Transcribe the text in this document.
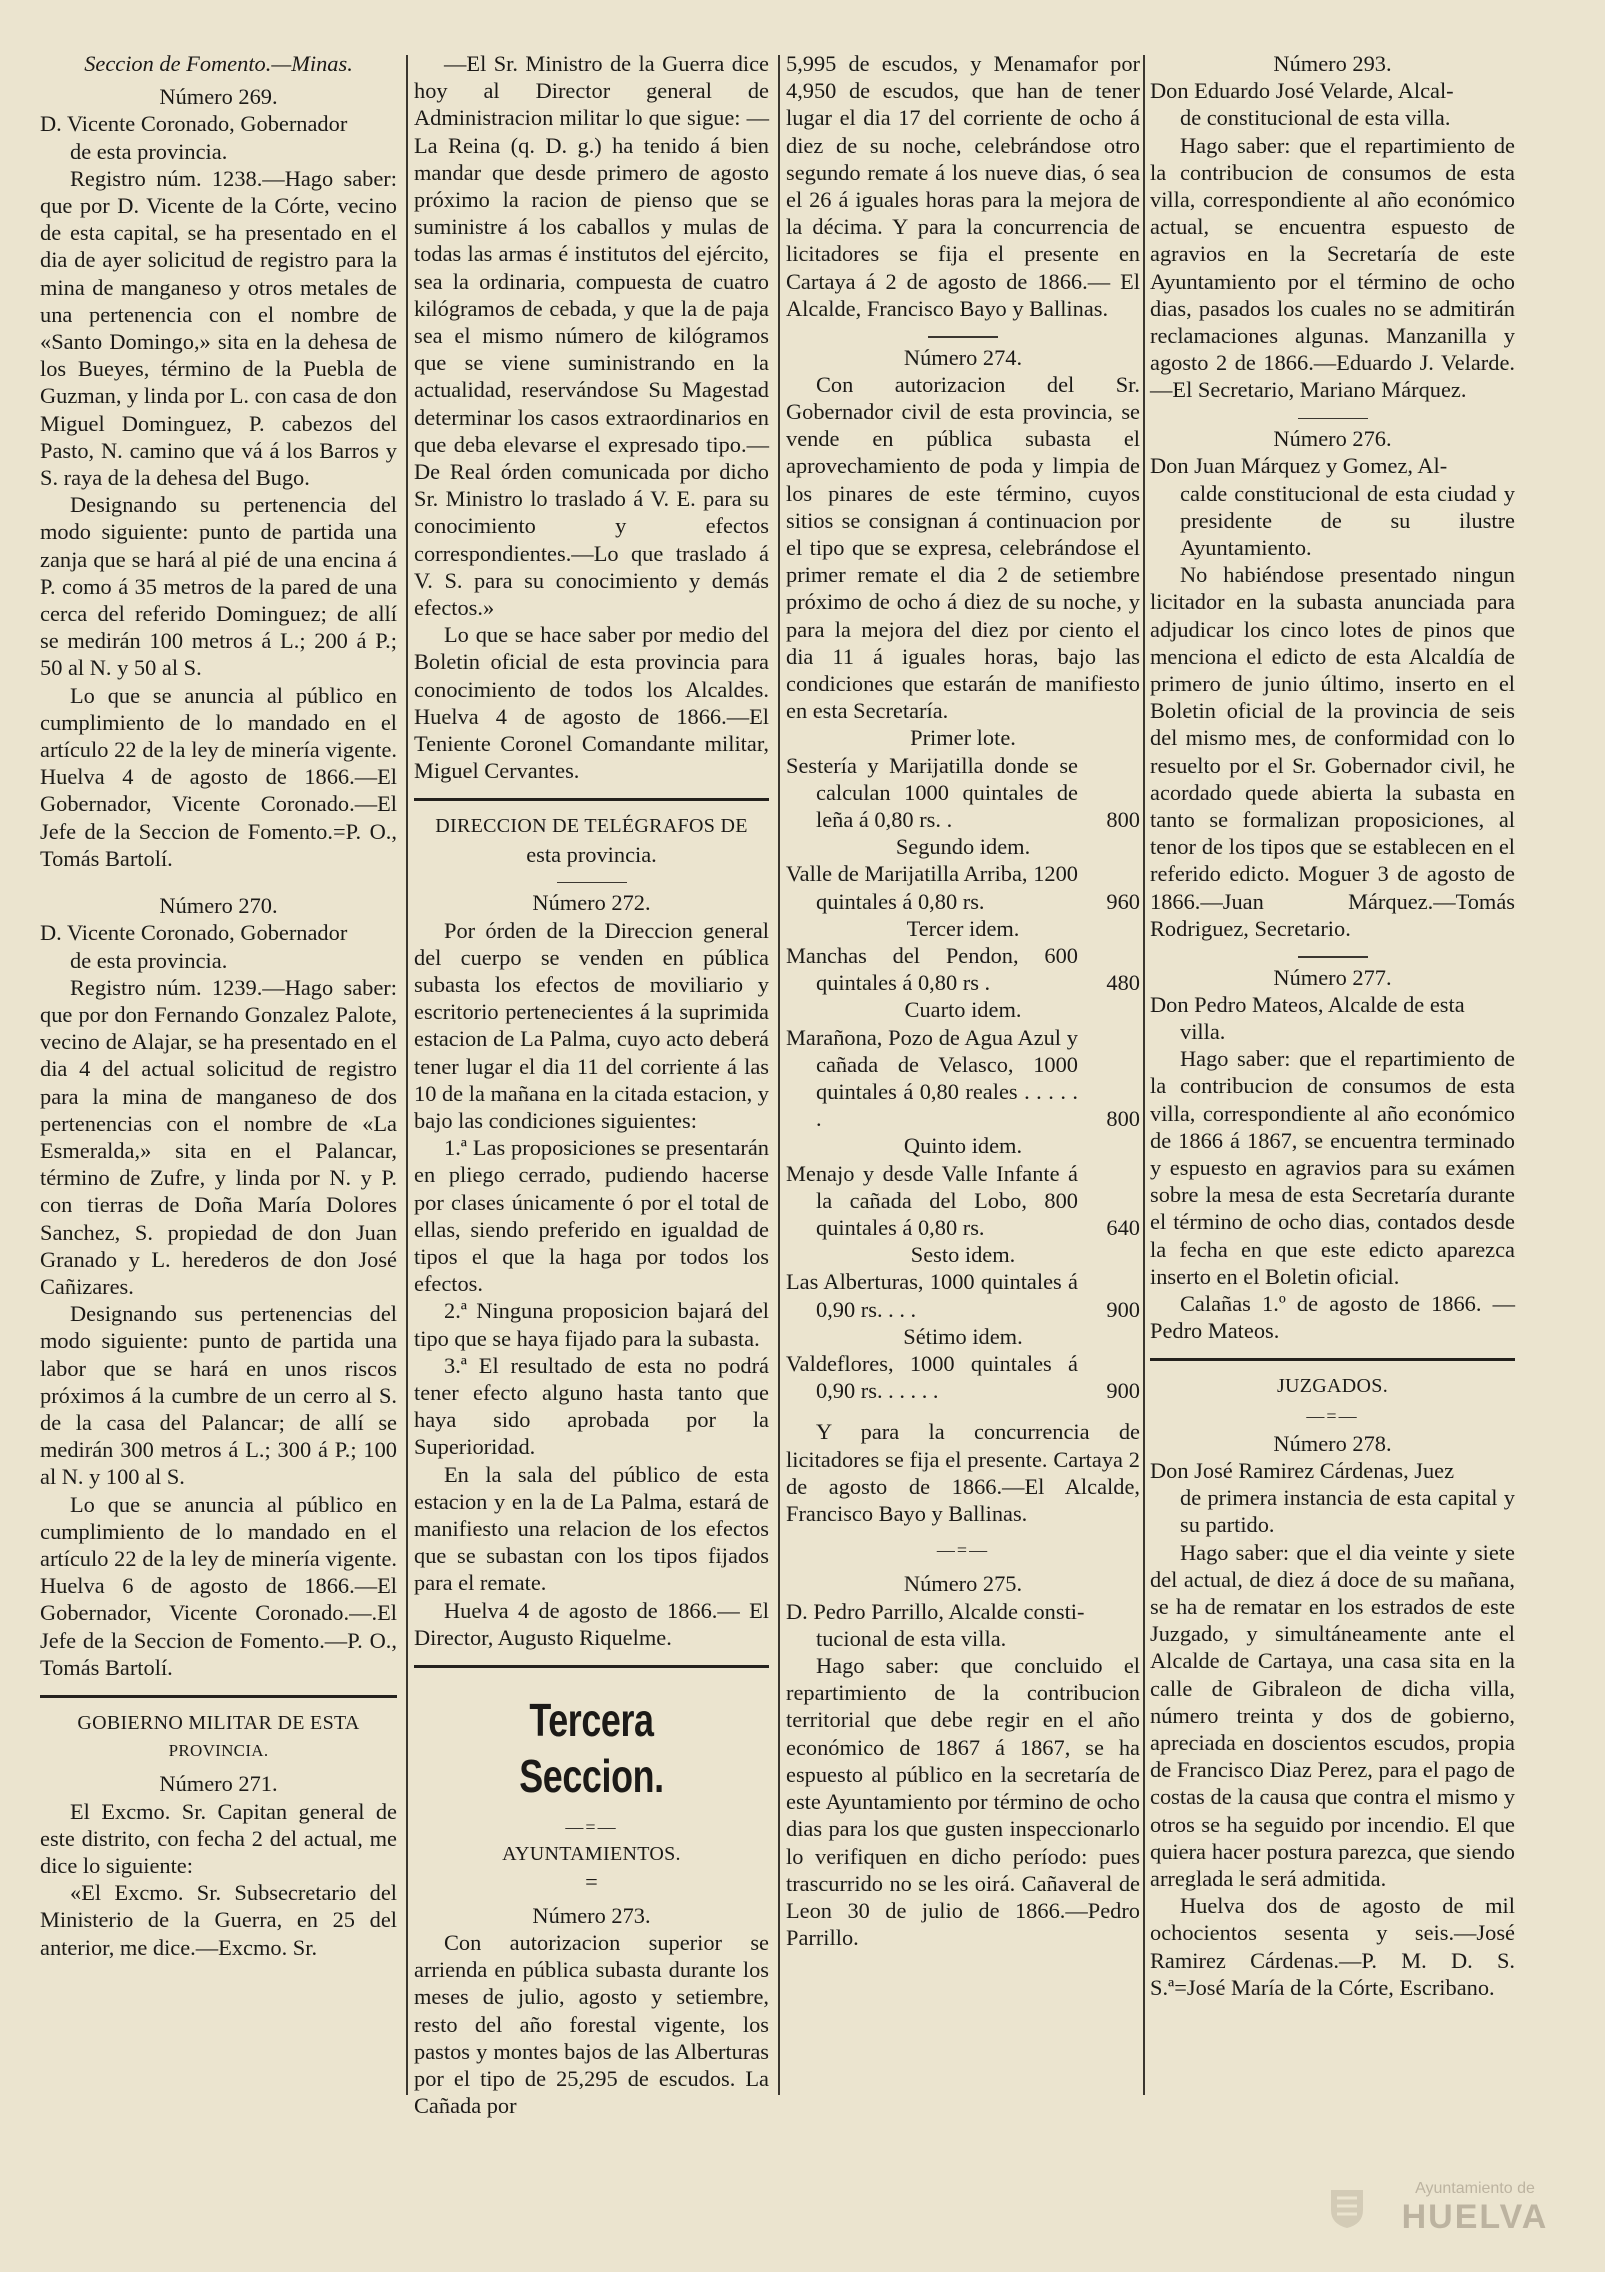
Seccion de Fomento.—Minas.

Número 269.

D. Vicente Coronado, Gobernador

de esta provincia.

Registro núm. 1238.—Hago saber: que por D. Vicente de la Córte, vecino de esta capital, se ha presentado en el dia de ayer solicitud de registro para la mina de manganeso y otros metales de una pertenencia con el nombre de «Santo Domingo,» sita en la dehesa de los Bueyes, término de la Puebla de Guzman, y linda por L. con casa de don Miguel Dominguez, P. cabezos del Pasto, N. camino que vá á los Barros y S. raya de la dehesa del Bugo.

Designando su pertenencia del modo siguiente: punto de partida una zanja que se hará al pié de una encina á P. como á 35 metros de la pared de una cerca del referido Dominguez; de allí se medirán 100 metros á L.; 200 á P.; 50 al N. y 50 al S.

Lo que se anuncia al público en cumplimiento de lo mandado en el artículo 22 de la ley de minería vigente. Huelva 4 de agosto de 1866.—El Gobernador, Vicente Coronado.—El Jefe de la Seccion de Fomento.=P. O., Tomás Bartolí.

Número 270.

D. Vicente Coronado, Gobernador

de esta provincia.

Registro núm. 1239.—Hago saber: que por don Fernando Gonzalez Palote, vecino de Alajar, se ha presentado en el dia 4 del actual solicitud de registro para la mina de manganeso de dos pertenencias con el nombre de «La Esmeralda,» sita en el Palancar, término de Zufre, y linda por N. y P. con tierras de Doña María Dolores Sanchez, S. propiedad de don Juan Granado y L. herederos de don José Cañizares.

Designando sus pertenencias del modo siguiente: punto de partida una labor que se hará en unos riscos próximos á la cumbre de un cerro al S. de la casa del Palancar; de allí se medirán 300 metros á L.; 300 á P.; 100 al N. y 100 al S.

Lo que se anuncia al público en cumplimiento de lo mandado en el artículo 22 de la ley de minería vigente. Huelva 6 de agosto de 1866.—El Gobernador, Vicente Coronado.—.El Jefe de la Seccion de Fomento.—P. O., Tomás Bartolí.

GOBIERNO MILITAR DE ESTA

PROVINCIA.

Número 271.

El Excmo. Sr. Capitan general de este distrito, con fecha 2 del actual, me dice lo siguiente:

«El Excmo. Sr. Subsecretario del Ministerio de la Guerra, en 25 del anterior, me dice.—Excmo. Sr.

—El Sr. Ministro de la Guerra dice hoy al Director general de Administracion militar lo que sigue: —La Reina (q. D. g.) ha tenido á bien mandar que desde primero de agosto próximo la racion de pienso que se suministre á los caballos y mulas de todas las armas é institutos del ejército, sea la ordinaria, compuesta de cuatro kilógramos de cebada, y que la de paja sea el mismo número de kilógramos que se viene suministrando en la actualidad, reservándose Su Magestad determinar los casos extraordinarios en que deba elevarse el expresado tipo.—De Real órden comunicada por dicho Sr. Ministro lo traslado á V. E. para su conocimiento y efectos correspondientes.—Lo que traslado á V. S. para su conocimiento y demás efectos.»

Lo que se hace saber por medio del Boletin oficial de esta provincia para conocimiento de todos los Alcaldes. Huelva 4 de agosto de 1866.—El Teniente Coronel Comandante militar, Miguel Cervantes.

DIRECCION DE TELÉGRAFOS DE

esta provincia.

Número 272.

Por órden de la Direccion general del cuerpo se venden en pública subasta los efectos de moviliario y escritorio pertenecientes á la suprimida estacion de La Palma, cuyo acto deberá tener lugar el dia 11 del corriente á las 10 de la mañana en la citada estacion, y bajo las condiciones siguientes:

1.ª Las proposiciones se presentarán en pliego cerrado, pudiendo hacerse por clases únicamente ó por el total de ellas, siendo preferido en igualdad de tipos el que la haga por todos los efectos.

2.ª Ninguna proposicion bajará del tipo que se haya fijado para la subasta.

3.ª El resultado de esta no podrá tener efecto alguno hasta tanto que haya sido aprobada por la Superioridad.

En la sala del público de esta estacion y en la de La Palma, estará de manifiesto una relacion de los efectos que se subastan con los tipos fijados para el remate.

Huelva 4 de agosto de 1866.— El Director, Augusto Riquelme.

Tercera Seccion.

—=—

AYUNTAMIENTOS.

=

Número 273.

Con autorizacion superior se arrienda en pública subasta durante los meses de julio, agosto y setiembre, resto del año forestal vigente, los pastos y montes bajos de las Alberturas por el tipo de 25,295 de escudos. La Cañada por

5,995 de escudos, y Menamafor por 4,950 de escudos, que han de tener lugar el dia 17 del corriente de ocho á diez de su noche, celebrándose otro segundo remate á los nueve dias, ó sea el 26 á iguales horas para la mejora de la décima. Y para la concurrencia de licitadores se fija el presente en Cartaya á 2 de agosto de 1866.— El Alcalde, Francisco Bayo y Ballinas.

Número 274.

Con autorizacion del Sr. Gobernador civil de esta provincia, se vende en pública subasta el aprovechamiento de poda y limpia de los pinares de este término, cuyos sitios se consignan á continuacion por el tipo que se expresa, celebrándose el primer remate el dia 2 de setiembre próximo de ocho á diez de su noche, y para la mejora del diez por ciento el dia 11 á iguales horas, bajo las condiciones que estarán de manifiesto en esta Secretaría.

Primer lote.

Sestería y Marijatilla donde se calculan 1000 quintales de leña á 0,80 rs. .	800

Segundo idem.

Valle de Marijatilla Arriba, 1200 quintales á 0,80 rs.	960

Tercer idem.

Manchas del Pendon, 600 quintales á 0,80 rs .	480

Cuarto idem.

Marañona, Pozo de Agua Azul y cañada de Velasco, 1000 quintales á 0,80 reales . . . . . .	800

Quinto idem.

Menajo y desde Valle Infante á la cañada del Lobo, 800 quintales á 0,80 rs.	640

Sesto idem.

Las Alberturas, 1000 quintales á 0,90 rs. . . .	900

Sétimo idem.

Valdeflores, 1000 quintales á 0,90 rs. . . . . .	900

Y para la concurrencia de licitadores se fija el presente. Cartaya 2 de agosto de 1866.—El Alcalde, Francisco Bayo y Ballinas.

—=—

Número 275.

D. Pedro Parrillo, Alcalde consti-

tucional de esta villa.

Hago saber: que concluido el repartimiento de la contribucion territorial que debe regir en el año económico de 1867 á 1867, se ha espuesto al público en la secretaría de este Ayuntamiento por término de ocho dias para los que gusten inspeccionarlo lo verifiquen en dicho período: pues trascurrido no se les oirá. Cañaveral de Leon 30 de julio de 1866.—Pedro Parrillo.

Número 293.

Don Eduardo José Velarde, Alcal-

de constitucional de esta villa.

Hago saber: que el repartimiento de la contribucion de consumos de esta villa, correspondiente al año económico actual, se encuentra espuesto de agravios en la Secretaría de este Ayuntamiento por el término de ocho dias, pasados los cuales no se admitirán reclamaciones algunas. Manzanilla y agosto 2 de 1866.—Eduardo J. Velarde. —El Secretario, Mariano Márquez.

Número 276.

Don Juan Márquez y Gomez, Al-

calde constitucional de esta ciudad y presidente de su ilustre Ayuntamiento.

No habiéndose presentado ningun licitador en la subasta anunciada para adjudicar los cinco lotes de pinos que menciona el edicto de esta Alcaldía de primero de junio último, inserto en el Boletin oficial de la provincia de seis del mismo mes, de conformidad con lo resuelto por el Sr. Gobernador civil, he acordado quede abierta la subasta en tanto se formalizan proposiciones, al tenor de los tipos que se establecen en el referido edicto. Moguer 3 de agosto de 1866.—Juan Márquez.—Tomás Rodriguez, Secretario.

Número 277.

Don Pedro Mateos, Alcalde de esta

villa.

Hago saber: que el repartimiento de la contribucion de consumos de esta villa, correspondiente al año económico de 1866 á 1867, se encuentra terminado y espuesto en agravios para su exámen sobre la mesa de esta Secretaría durante el término de ocho dias, contados desde la fecha en que este edicto aparezca inserto en el Boletin oficial.

Calañas 1.º de agosto de 1866. —Pedro Mateos.

JUZGADOS.

—=—

Número 278.

Don José Ramirez Cárdenas, Juez

de primera instancia de esta capital y su partido.

Hago saber: que el dia veinte y siete del actual, de diez á doce de su mañana, se ha de rematar en los estrados de este Juzgado, y simultáneamente ante el Alcalde de Cartaya, una casa sita en la calle de Gibraleon de dicha villa, número treinta y dos de gobierno, apreciada en doscientos escudos, propia de Francisco Diaz Perez, para el pago de costas de la causa que contra el mismo y otros se ha seguido por incendio. El que quiera hacer postura parezca, que siendo arreglada le será admitida.

Huelva dos de agosto de mil ochocientos sesenta y seis.—José Ramirez Cárdenas.—P. M. D. S. S.ª=José María de la Córte, Escribano.

Ayuntamiento de
HUELVA
